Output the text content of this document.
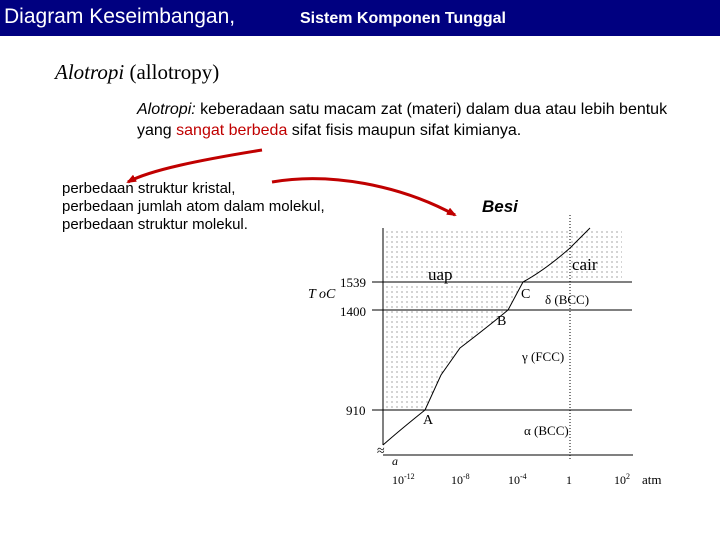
Diagram Keseimbangan,	Sistem Komponen Tunggal
Alotropi (allotropy)
Alotropi: keberadaan satu macam zat (materi) dalam dua atau lebih bentuk yang sangat berbeda sifat fisis maupun sifat kimianya.
perbedaan struktur kristal,
perbedaan jumlah atom dalam molekul,
perbedaan struktur molekul.
≈
a
1539
1400
910
T oC
$10^{-12}$	$10^{-8}$	$10^{-4}$	1	$10^2$ atm
Besi
uap
cair
δ (BCC)
γ (FCC)
α (BCC)
A
B
C
